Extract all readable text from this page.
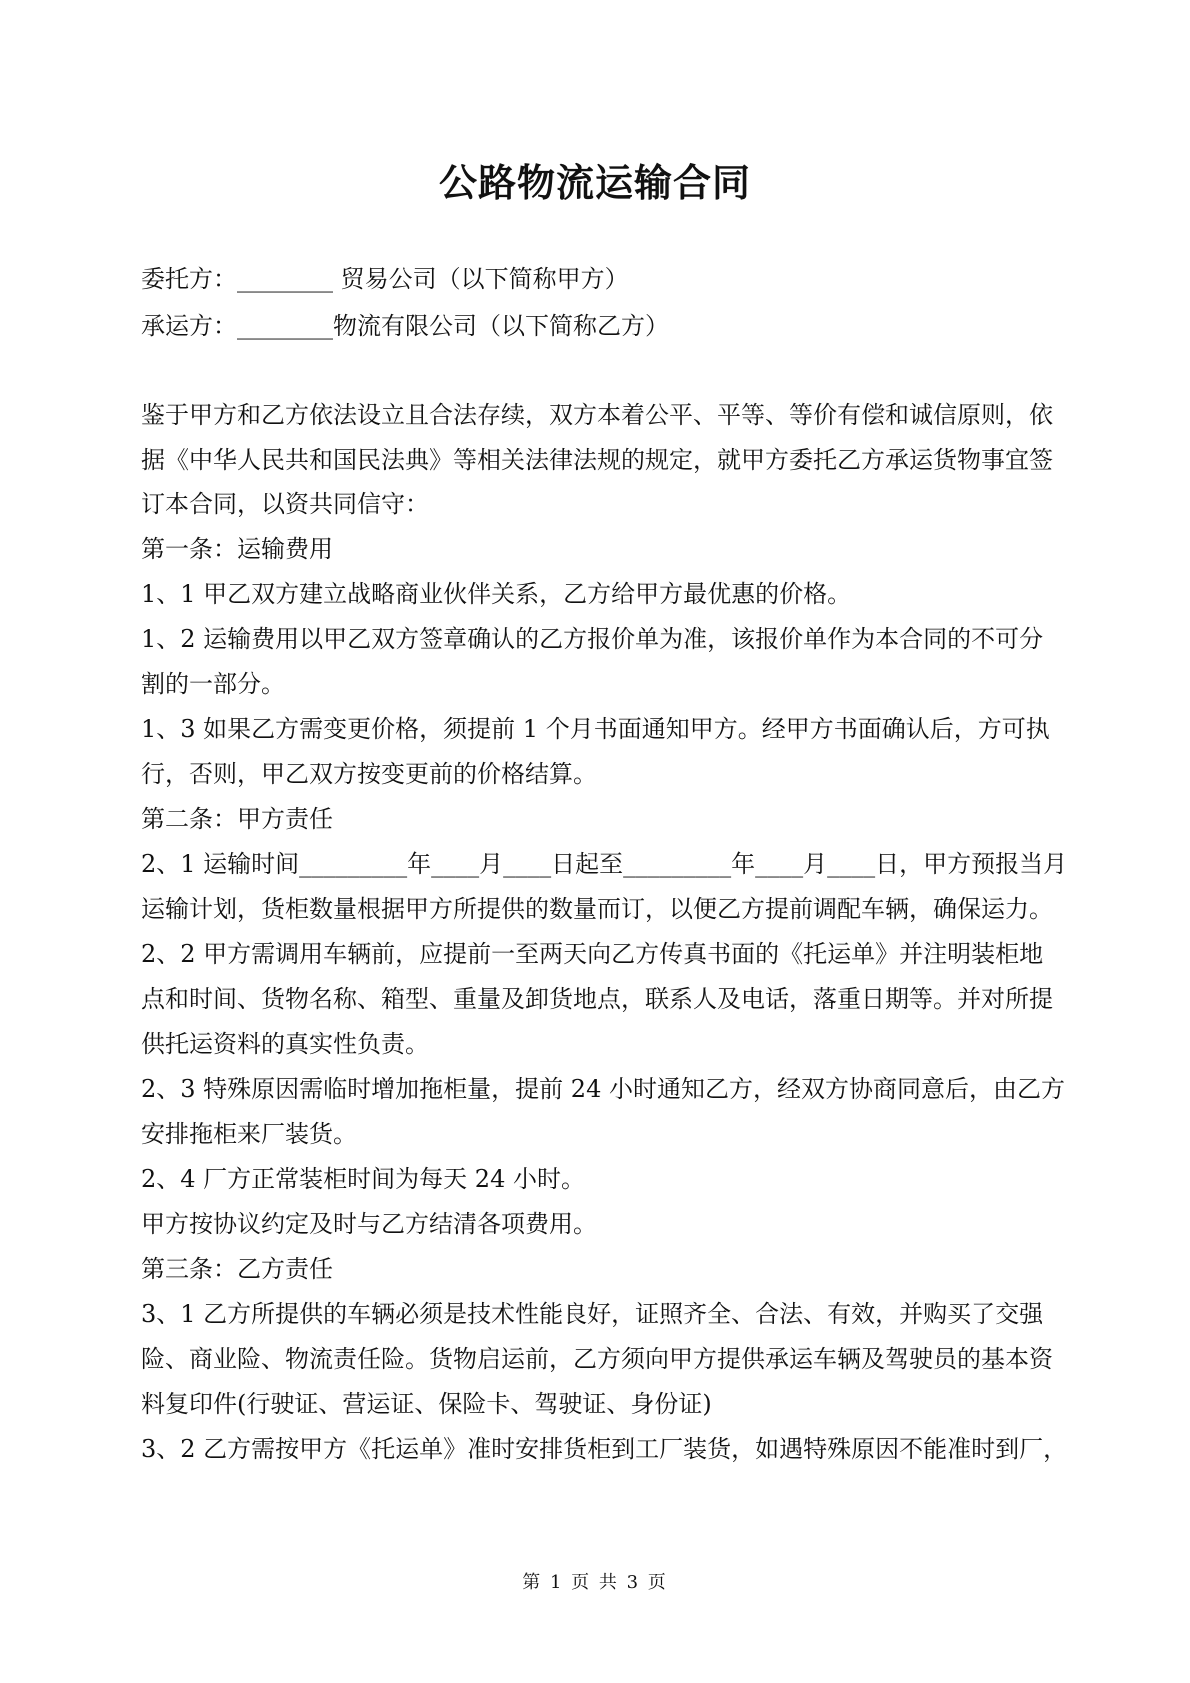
公路物流运输合同
委托方：________ 贸易公司（以下简称甲方）
承运方：________物流有限公司（以下简称乙方）
鉴于甲方和乙方依法设立且合法存续，双方本着公平、平等、等价有偿和诚信原则，依
据《中华人民共和国民法典》等相关法律法规的规定，就甲方委托乙方承运货物事宜签
订本合同，以资共同信守：
第一条：运输费用
1、1 甲乙双方建立战略商业伙伴关系，乙方给甲方最优惠的价格。
1、2 运输费用以甲乙双方签章确认的乙方报价单为准，该报价单作为本合同的不可分
割的一部分。
1、3 如果乙方需变更价格，须提前 1 个月书面通知甲方。经甲方书面确认后，方可执
行，否则，甲乙双方按变更前的价格结算。
第二条：甲方责任
2、1 运输时间_________年____月____日起至_________年____月____日，甲方预报当月
运输计划，货柜数量根据甲方所提供的数量而订，以便乙方提前调配车辆，确保运力。
2、2 甲方需调用车辆前，应提前一至两天向乙方传真书面的《托运单》并注明装柜地
点和时间、货物名称、箱型、重量及卸货地点，联系人及电话，落重日期等。并对所提
供托运资料的真实性负责。
2、3 特殊原因需临时增加拖柜量，提前 24 小时通知乙方，经双方协商同意后，由乙方
安排拖柜来厂装货。
2、4 厂方正常装柜时间为每天 24 小时。
甲方按协议约定及时与乙方结清各项费用。
第三条：乙方责任
3、1 乙方所提供的车辆必须是技术性能良好，证照齐全、合法、有效，并购买了交强
险、商业险、物流责任险。货物启运前，乙方须向甲方提供承运车辆及驾驶员的基本资
料复印件(行驶证、营运证、保险卡、驾驶证、身份证)
3、2 乙方需按甲方《托运单》准时安排货柜到工厂装货，如遇特殊原因不能准时到厂，
第 1 页 共 3 页
